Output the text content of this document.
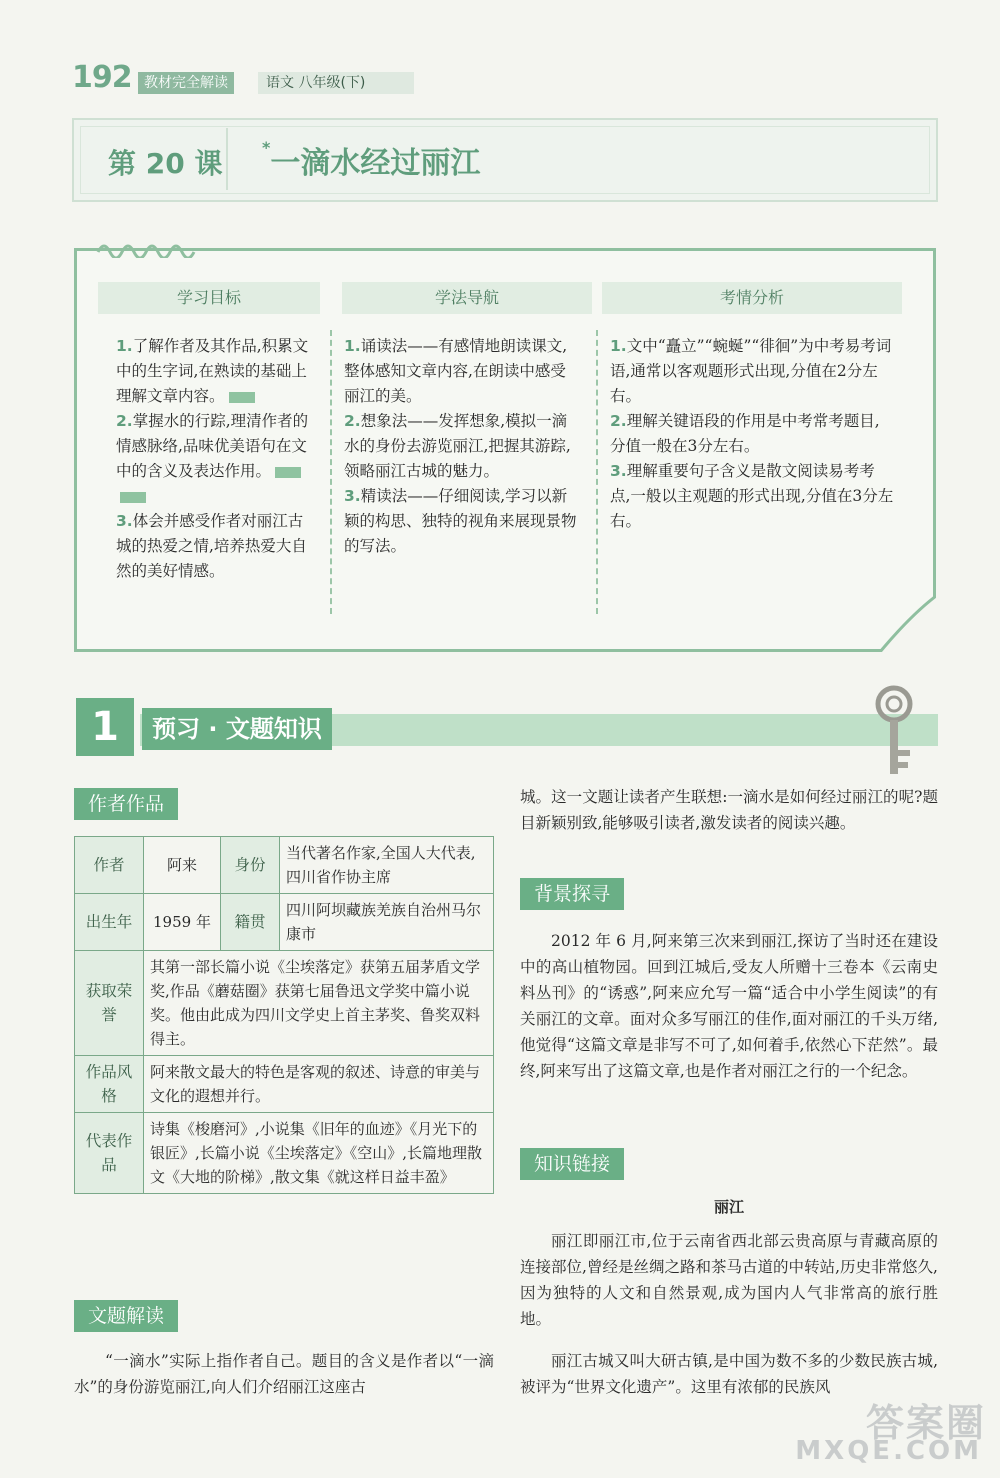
192 教材完全解读	语文 八年级(下)
第 20 课 *一滴水经过丽江
学习目标	学法导航	考情分析
1.了解作者及其作品,积累文中的生字词,在熟读的基础上理解文章内容。
2.掌握水的行踪,理清作者的情感脉络,品味优美语句在文中的含义及表达作用。
3.体会并感受作者对丽江古城的热爱之情,培养热爱大自然的美好情感。
1.诵读法——有感情地朗读课文,整体感知文章内容,在朗读中感受丽江的美。
2.想象法——发挥想象,模拟一滴水的身份去游览丽江,把握其游踪,领略丽江古城的魅力。
3.精读法——仔细阅读,学习以新颖的构思、独特的视角来展现景物的写法。
1.文中“矗立”“蜿蜒”“徘徊”为中考易考词语,通常以客观题形式出现,分值在2分左右。
2.理解关键语段的作用是中考常考题目,分值一般在3分左右。
3.理解重要句子含义是散文阅读易考考点,一般以主观题的形式出现,分值在3分左右。
1	预习 · 文题知识
作者作品
作者	阿来	身份	当代著名作家,全国人大代表,四川省作协主席
出生年	1959 年	籍贯	四川阿坝藏族羌族自治州马尔康市
获取荣誉	其第一部长篇小说《尘埃落定》获第五届茅盾文学奖,作品《蘑菇圈》获第七届鲁迅文学奖中篇小说奖。他由此成为四川文学史上首主茅奖、鲁奖双料得主。		
作品风格	阿来散文最大的特色是客观的叙述、诗意的审美与文化的遐想并行。		
代表作品	诗集《梭磨河》,小说集《旧年的血迹》《月光下的银匠》,长篇小说《尘埃落定》《空山》,长篇地理散文《大地的阶梯》,散文集《就这样日益丰盈》		
文题解读
“一滴水”实际上指作者自己。题目的含义是作者以“一滴水”的身份游览丽江,向人们介绍丽江这座古
城。这一文题让读者产生联想:一滴水是如何经过丽江的呢?题目新颖别致,能够吸引读者,激发读者的阅读兴趣。
背景探寻
2012 年 6 月,阿来第三次来到丽江,探访了当时还在建设中的高山植物园。回到江城后,受友人所赠十三卷本《云南史料丛刊》的“诱惑”,阿来应允写一篇“适合中小学生阅读”的有关丽江的文章。面对众多写丽江的佳作,面对丽江的千头万绪,他觉得“这篇文章是非写不可了,如何着手,依然心下茫然”。最终,阿来写出了这篇文章,也是作者对丽江之行的一个纪念。
知识链接
丽江
丽江即丽江市,位于云南省西北部云贵高原与青藏高原的连接部位,曾经是丝绸之路和茶马古道的中转站,历史非常悠久,因为独特的人文和自然景观,成为国内人气非常高的旅行胜地。
丽江古城又叫大研古镇,是中国为数不多的少数民族古城,被评为“世界文化遗产”。这里有浓郁的民族风
答案圈
MXQE.COM
